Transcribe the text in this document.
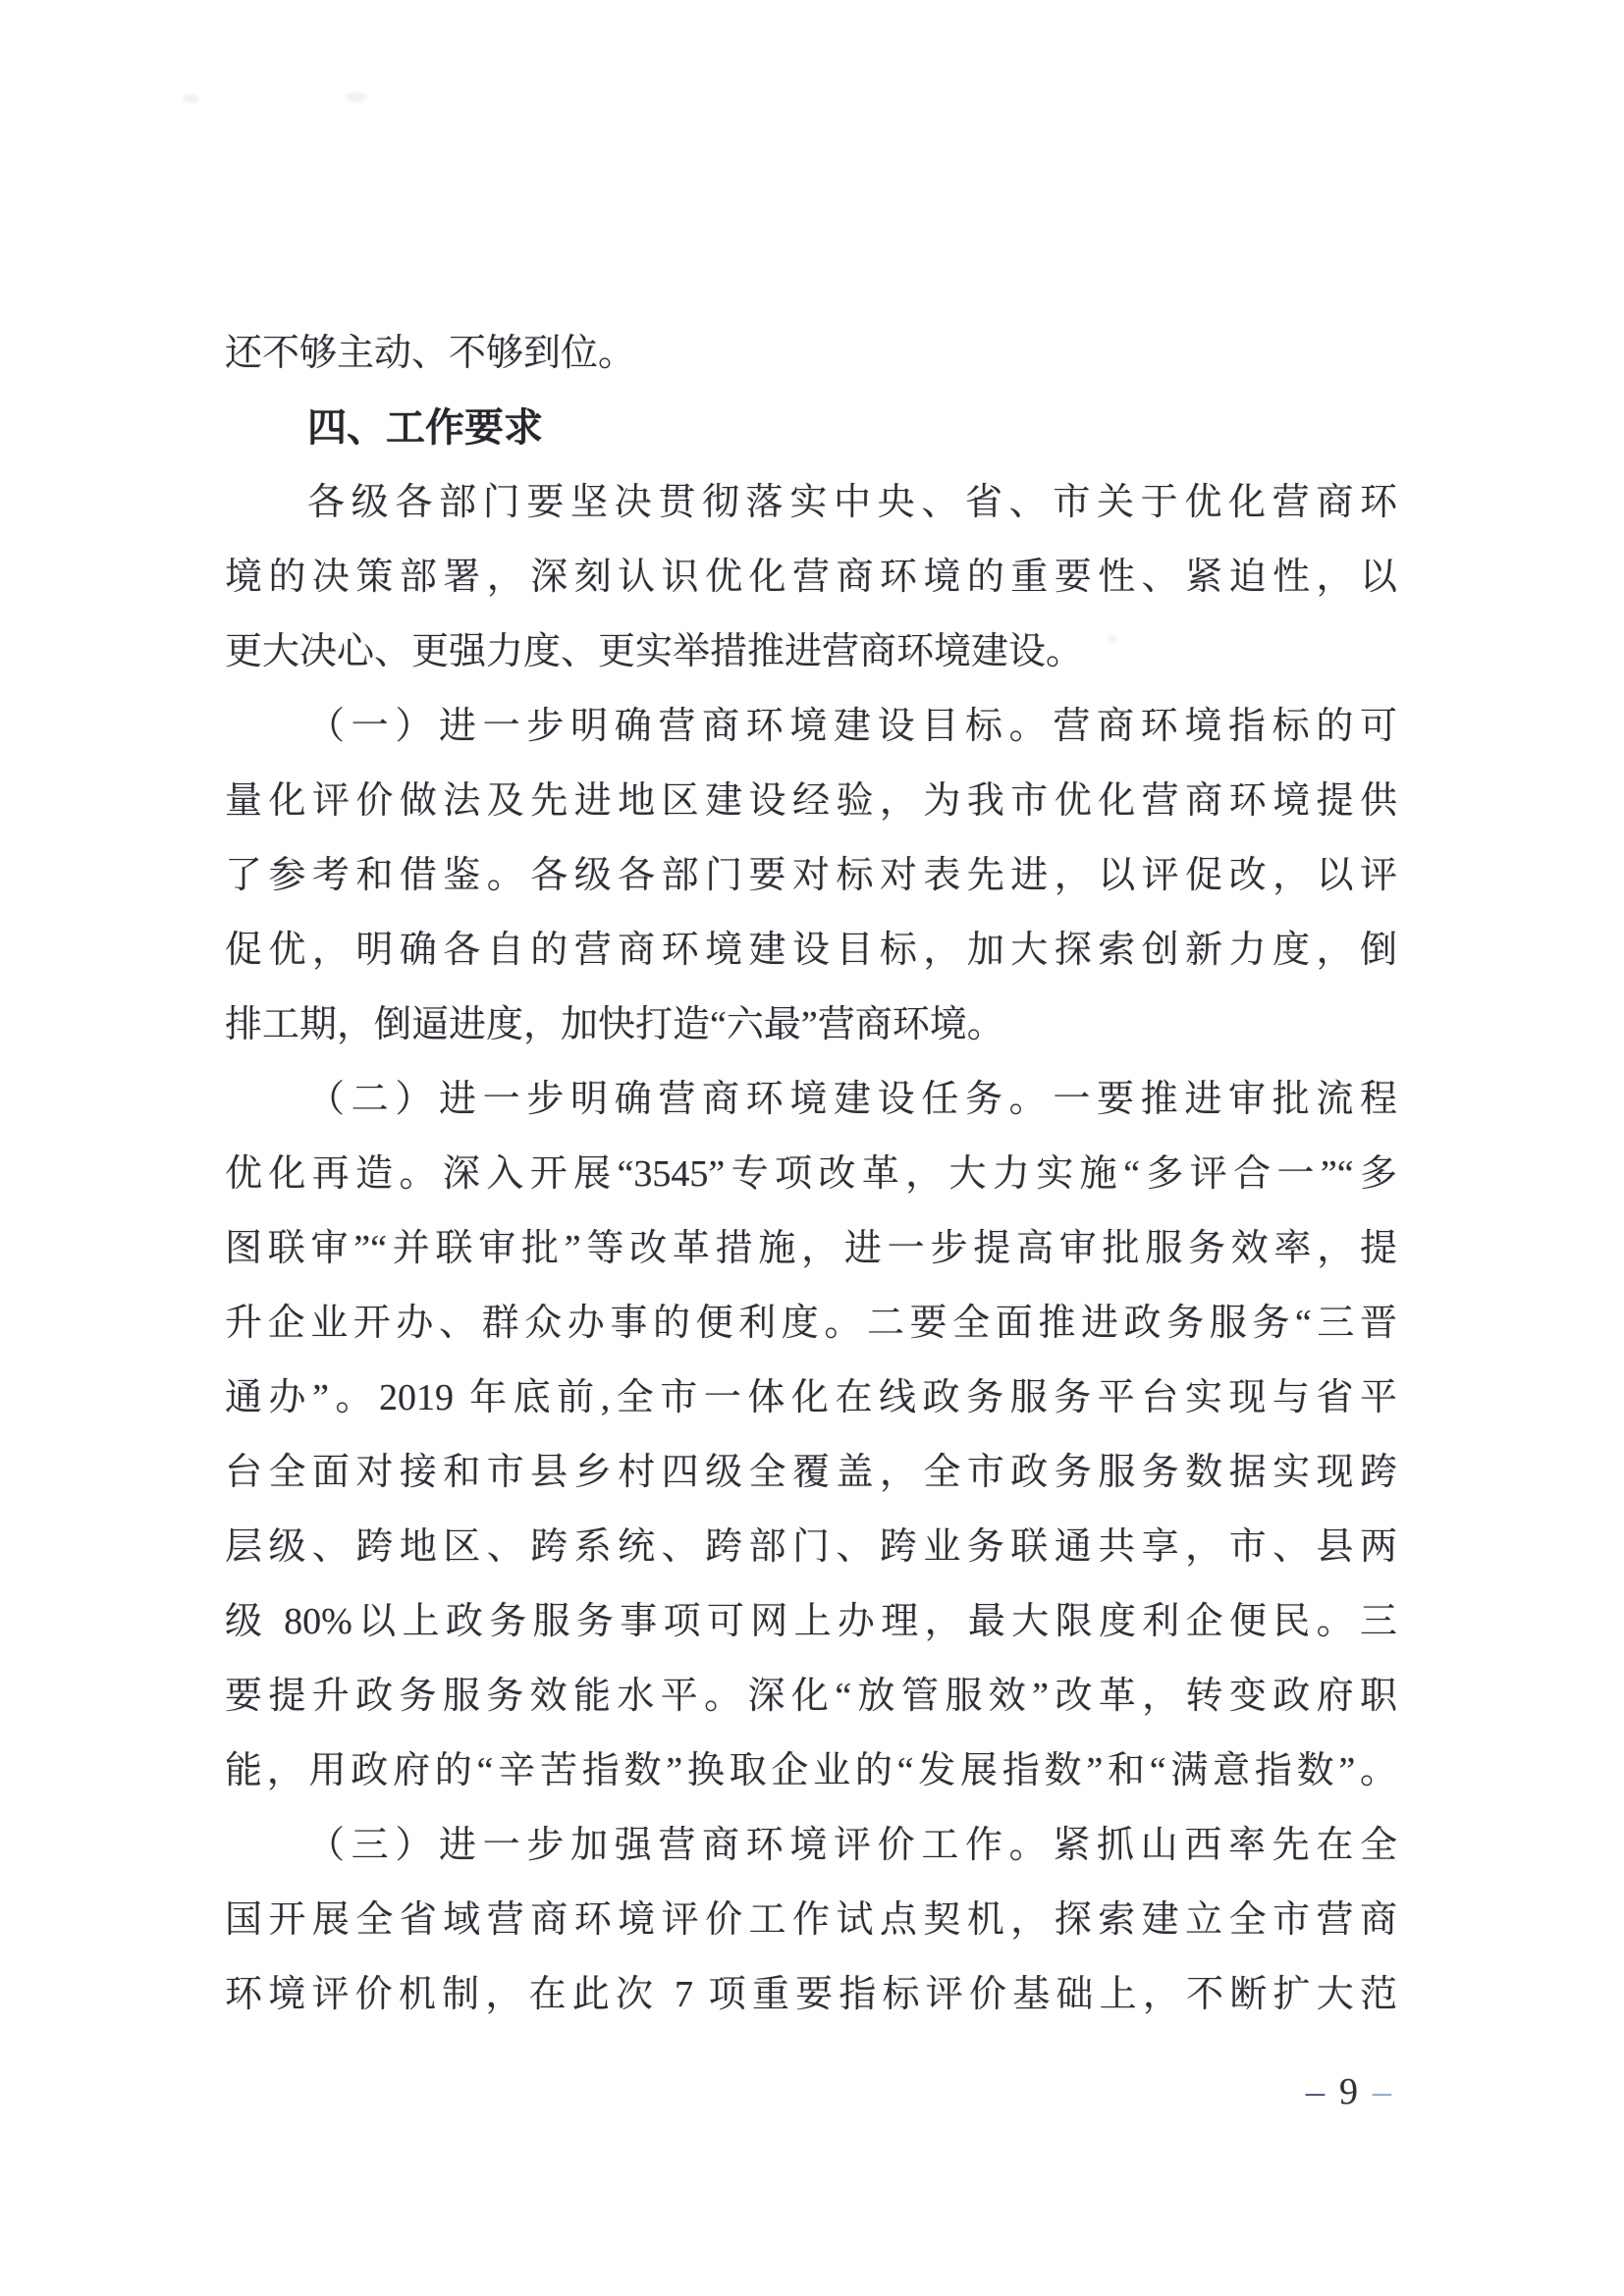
还不够主动、不够到位。
四、工作要求
各级各部门要坚决贯彻落实中央、省、市关于优化营商环
境的决策部署，深刻认识优化营商环境的重要性、紧迫性，以
更大决心、更强力度、更实举措推进营商环境建设。
（一）进一步明确营商环境建设目标。营商环境指标的可
量化评价做法及先进地区建设经验，为我市优化营商环境提供
了参考和借鉴。各级各部门要对标对表先进，以评促改，以评
促优，明确各自的营商环境建设目标，加大探索创新力度，倒
排工期，倒逼进度，加快打造“六最”营商环境。
（二）进一步明确营商环境建设任务。一要推进审批流程
优化再造。深入开展“3545”专项改革，大力实施“多评合一”“多
图联审”“并联审批”等改革措施，进一步提高审批服务效率，提
升企业开办、群众办事的便利度。二要全面推进政务服务“三晋
通办”。2019 年底前,全市一体化在线政务服务平台实现与省平
台全面对接和市县乡村四级全覆盖，全市政务服务数据实现跨
层级、跨地区、跨系统、跨部门、跨业务联通共享，市、县两
级 80%以上政务服务事项可网上办理，最大限度利企便民。三
要提升政务服务效能水平。深化“放管服效”改革，转变政府职
能，用政府的“辛苦指数”换取企业的“发展指数”和“满意指数”。
（三）进一步加强营商环境评价工作。紧抓山西率先在全
国开展全省域营商环境评价工作试点契机，探索建立全市营商
环境评价机制，在此次 7 项重要指标评价基础上，不断扩大范
– 9 –
